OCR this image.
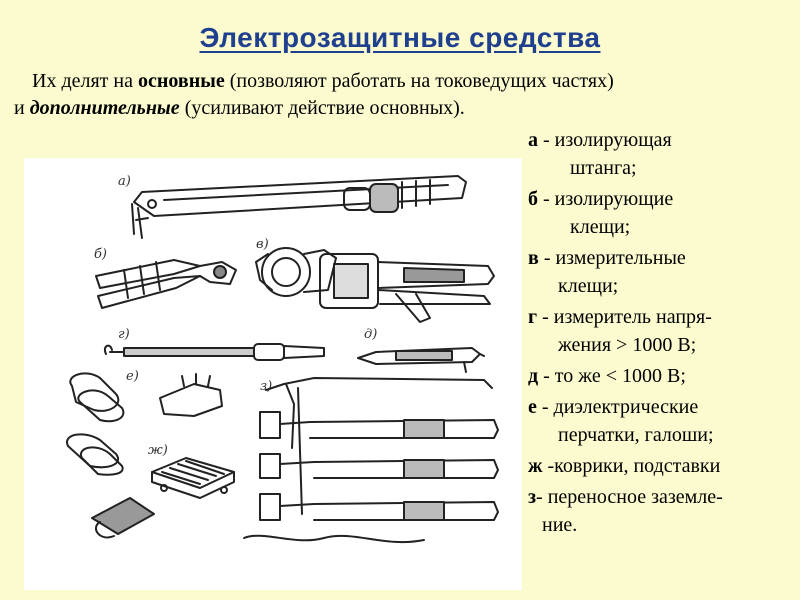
Электрозащитные средства
Их делят на основные (позволяют работать на токоведущих частях)
и дополнительные (усиливают действие основных).
а)
б)
в)
г)	д)
е)
ж)
з)
а - изолирующая
штанга;
б - изолирующие
клещи;
в - измерительные
клещи;
г - измеритель напря-
жения > 1000 В;
д - то же < 1000 В;
е - диэлектрические
перчатки, галоши;
ж -коврики, подставки
з- переносное заземле-
ние.
